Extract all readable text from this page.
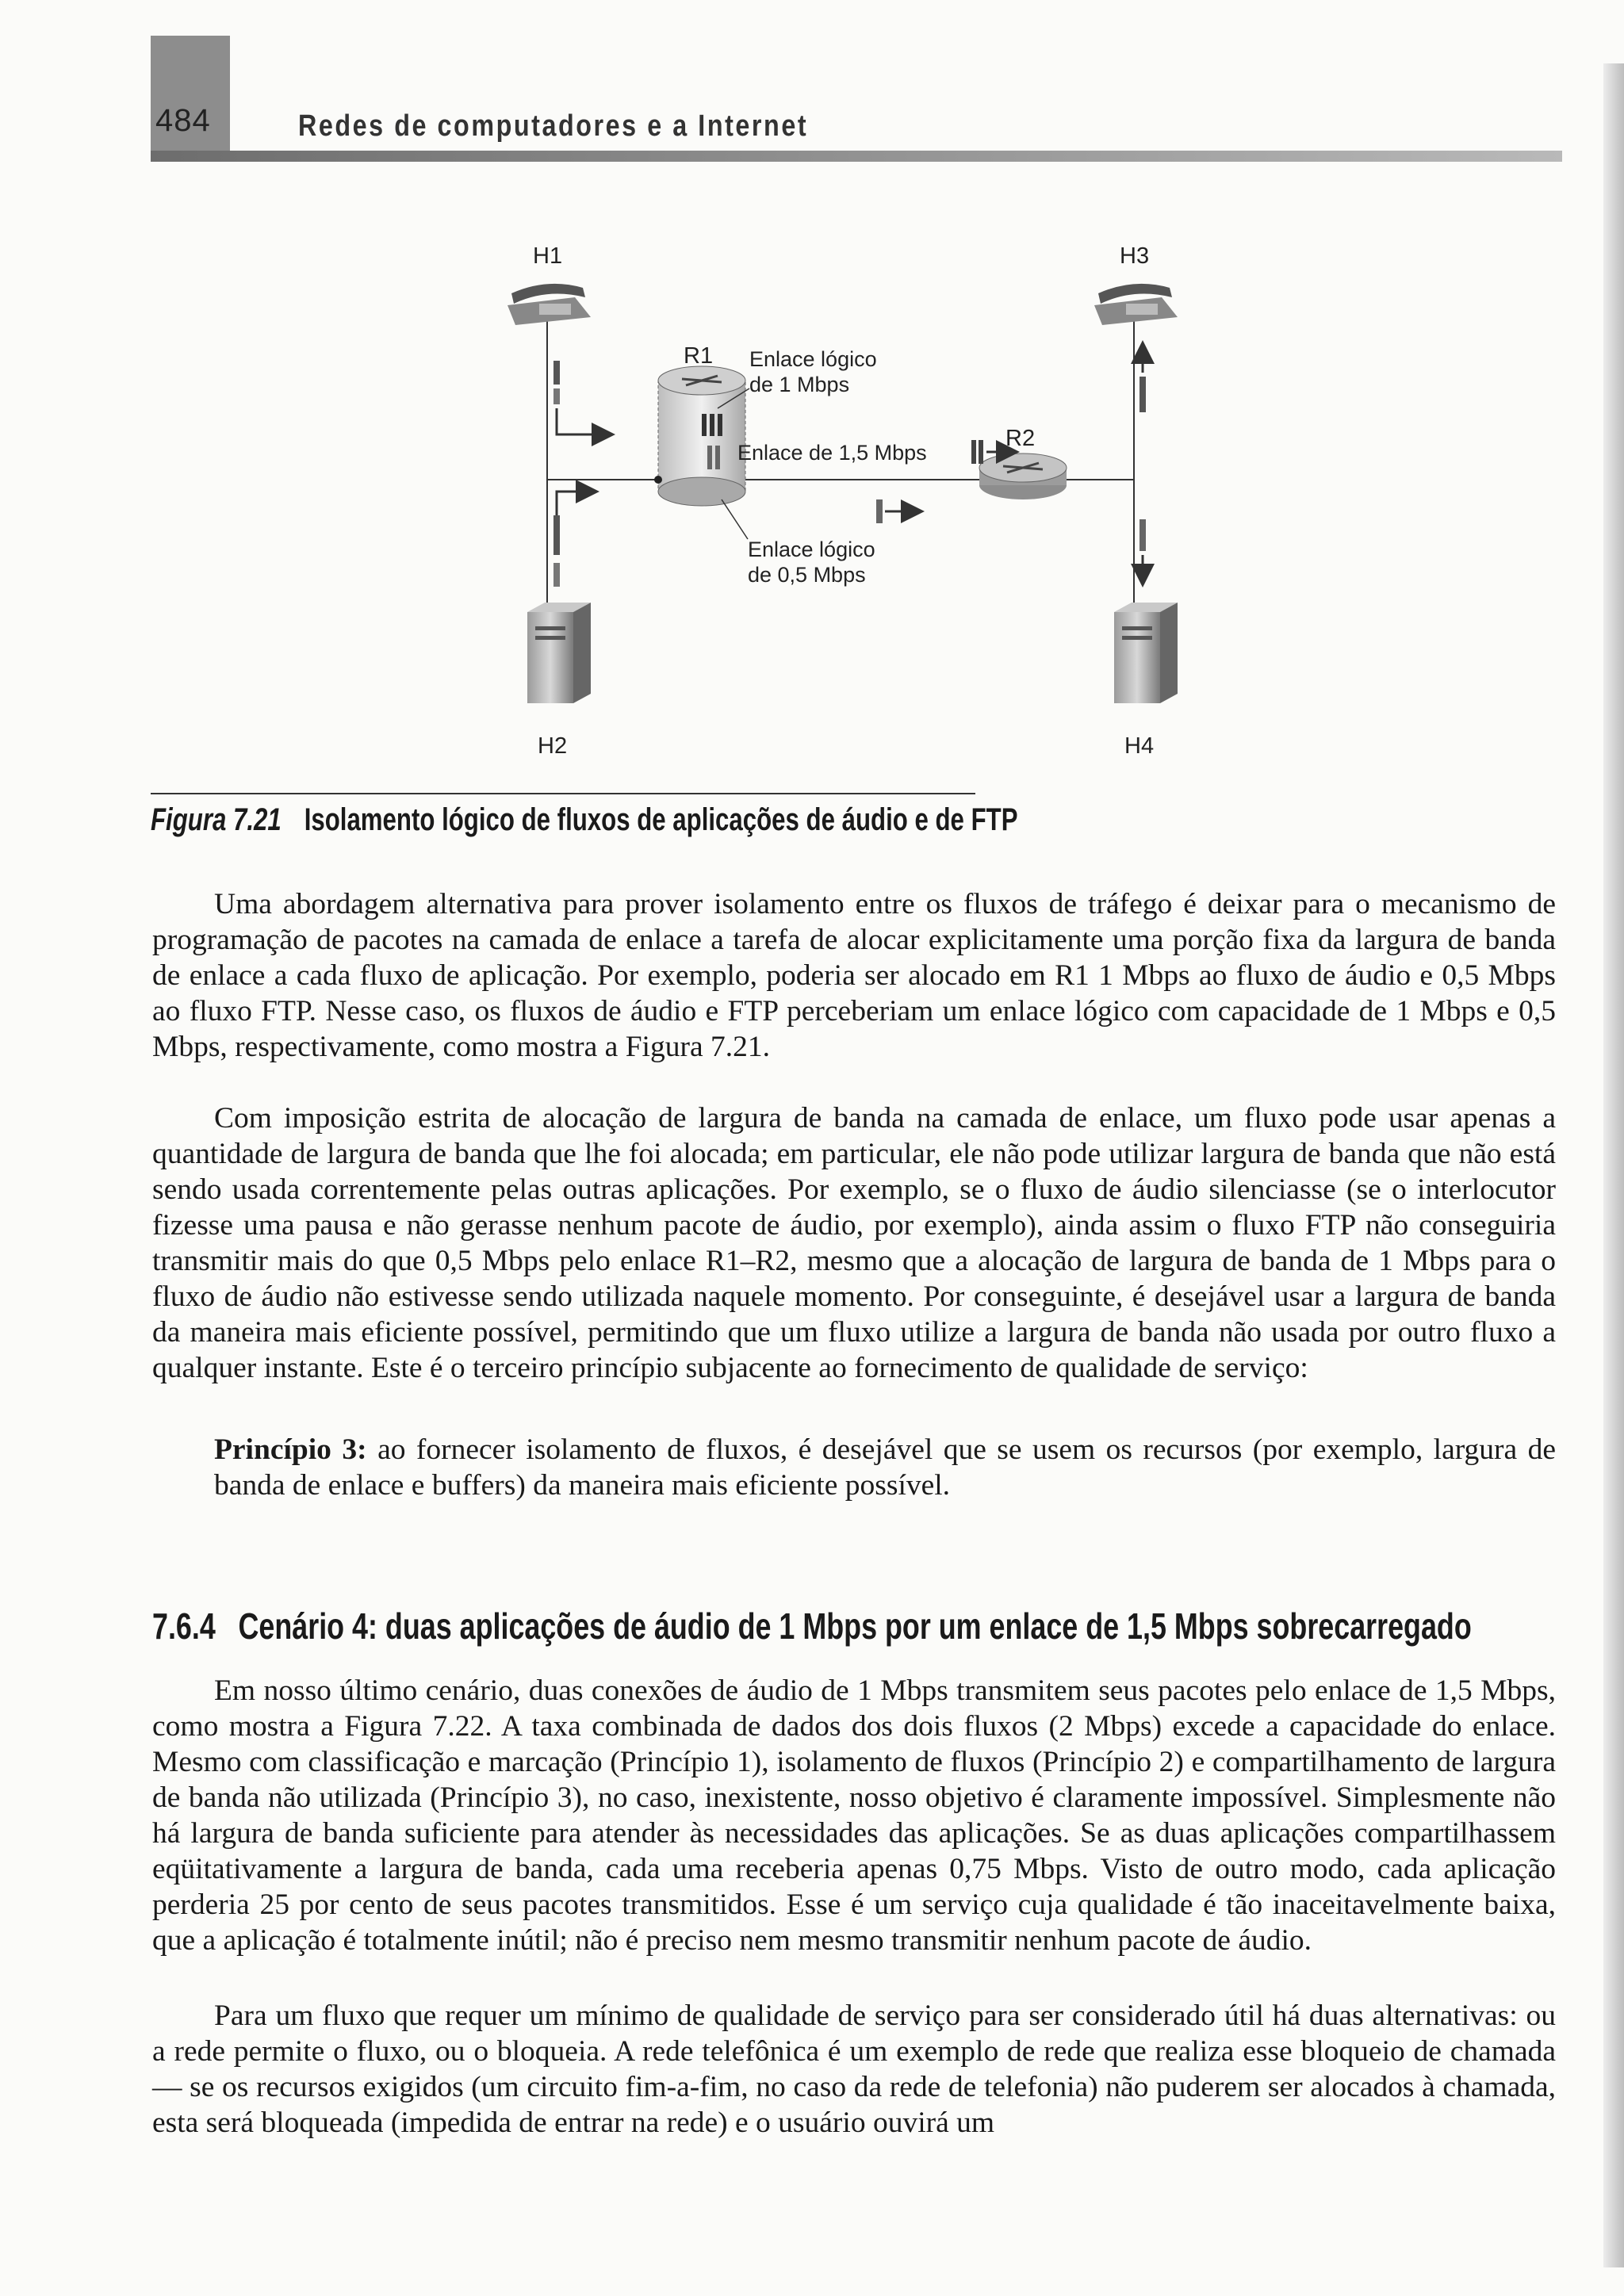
484	Redes de computadores e a Internet
H1	H3
H2	H4
R1
R2
Enlace lógico
de 1 Mbps
Enlace de 1,5 Mbps
Enlace lógico
de 0,5 Mbps
Figura 7.21 Isolamento lógico de fluxos de aplicações de áudio e de FTP

Uma abordagem alternativa para prover isolamento entre os fluxos de tráfego é deixar para o mecanismo de programação de pacotes na camada de enlace a tarefa de alocar explicitamente uma porção fixa da largura de banda de enlace a cada fluxo de aplicação. Por exemplo, poderia ser alocado em R1 1 Mbps ao fluxo de áudio e 0,5 Mbps ao fluxo FTP. Nesse caso, os fluxos de áudio e FTP perceberiam um enlace lógico com capacidade de 1 Mbps e 0,5 Mbps, respectivamente, como mostra a Figura 7.21.

Com imposição estrita de alocação de largura de banda na camada de enlace, um fluxo pode usar apenas a quantidade de largura de banda que lhe foi alocada; em particular, ele não pode utilizar largura de banda que não está sendo usada correntemente pelas outras aplicações. Por exemplo, se o fluxo de áudio silenciasse (se o interlocutor fizesse uma pausa e não gerasse nenhum pacote de áudio, por exemplo), ainda assim o fluxo FTP não conseguiria transmitir mais do que 0,5 Mbps pelo enlace R1–R2, mesmo que a alocação de largura de banda de 1 Mbps para o fluxo de áudio não estivesse sendo utilizada naquele momento. Por conseguinte, é desejável usar a largura de banda da maneira mais eficiente possível, permitindo que um fluxo utilize a largura de banda não usada por outro fluxo a qualquer instante. Este é o terceiro princípio subjacente ao fornecimento de qualidade de serviço:

Princípio 3: ao fornecer isolamento de fluxos, é desejável que se usem os recursos (por exemplo, largura de banda de enlace e buffers) da maneira mais eficiente possível.

7.6.4 Cenário 4: duas aplicações de áudio de 1 Mbps por um enlace de 1,5 Mbps sobrecarregado

Em nosso último cenário, duas conexões de áudio de 1 Mbps transmitem seus pacotes pelo enlace de 1,5 Mbps, como mostra a Figura 7.22. A taxa combinada de dados dos dois fluxos (2 Mbps) excede a capacidade do enlace. Mesmo com classificação e marcação (Princípio 1), isolamento de fluxos (Princípio 2) e compartilhamento de largura de banda não utilizada (Princípio 3), no caso, inexistente, nosso objetivo é claramente impossível. Simplesmente não há largura de banda suficiente para atender às necessidades das aplicações. Se as duas aplicações compartilhassem eqüitativamente a largura de banda, cada uma receberia apenas 0,75 Mbps. Visto de outro modo, cada aplicação perderia 25 por cento de seus pacotes transmitidos. Esse é um serviço cuja qualidade é tão inaceitavelmente baixa, que a aplicação é totalmente inútil; não é preciso nem mesmo transmitir nenhum pacote de áudio.

Para um fluxo que requer um mínimo de qualidade de serviço para ser considerado útil há duas alternativas: ou a rede permite o fluxo, ou o bloqueia. A rede telefônica é um exemplo de rede que realiza esse bloqueio de chamada — se os recursos exigidos (um circuito fim-a-fim, no caso da rede de telefonia) não puderem ser alocados à chamada, esta será bloqueada (impedida de entrar na rede) e o usuário ouvirá um
